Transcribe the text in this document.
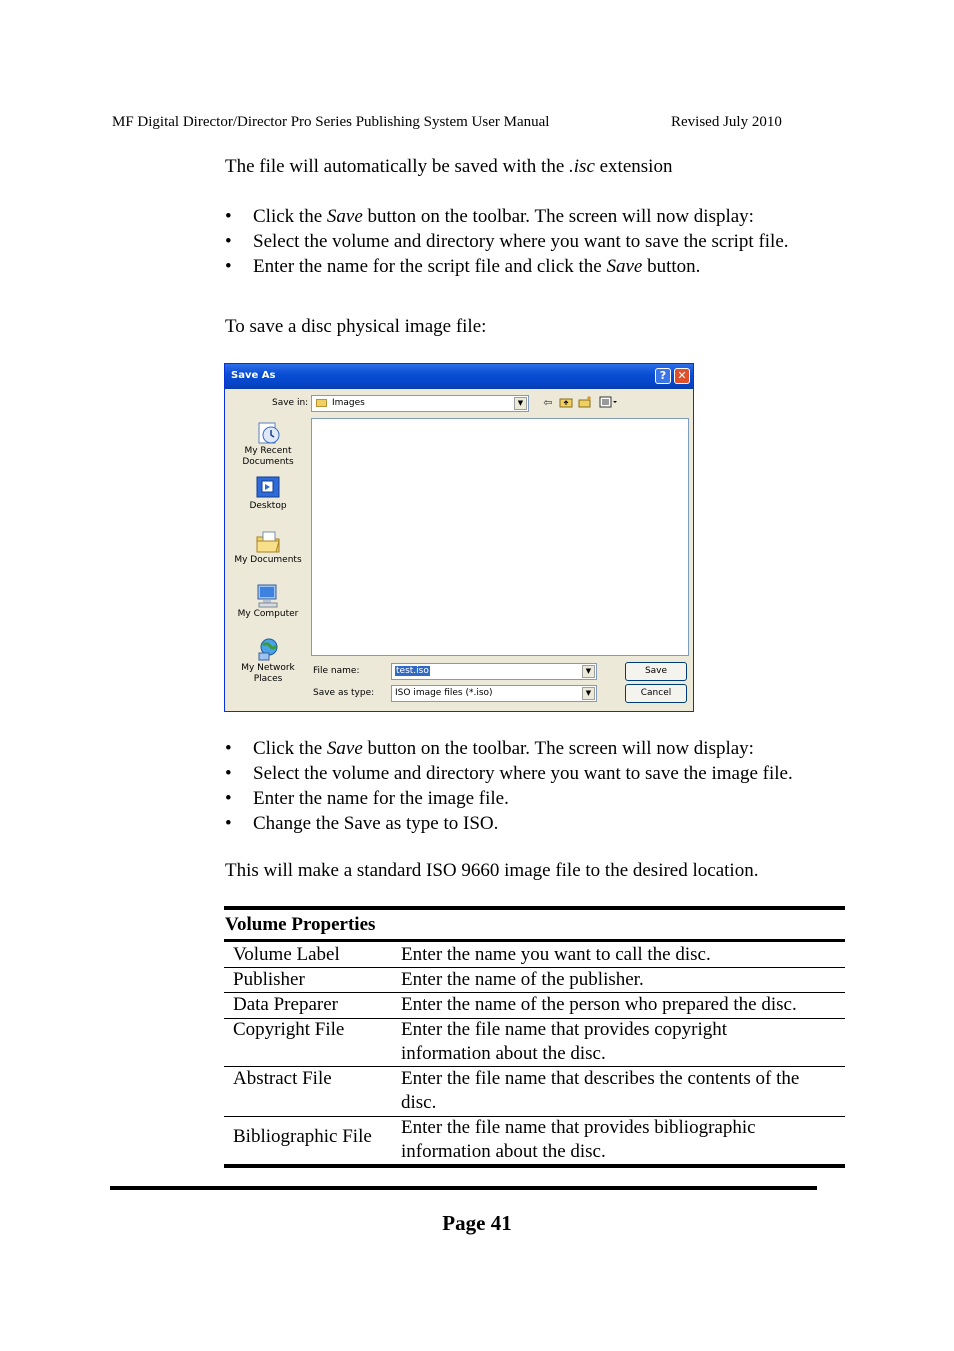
MF Digital Director/Director Pro Series Publishing System User Manual	Revised July 2010
The file will automatically be saved with the .isc extension
• Click the Save button on the toolbar. The screen will now display:
• Select the volume and directory where you want to save the script file.
• Enter the name for the script file and click the Save button.
To save a disc physical image file:
Save As	?	✕
Save in:	Images	▼	⇦
My Recent
Documents
Desktop
My Documents
My Computer
My Network
Places
File name:	test.iso	▼	Save
Save as type: ISO image files (*.iso)	▼	Cancel
• Click the Save button on the toolbar. The screen will now display:
• Select the volume and directory where you want to save the image file.
• Enter the name for the image file.
• Change the Save as type to ISO.
This will make a standard ISO 9660 image file to the desired location.
Volume Properties
Volume Label	Enter the name you want to call the disc.
Publisher	Enter the name of the publisher.
Data Preparer	Enter the name of the person who prepared the disc.
Copyright File	Enter the file name that provides copyright
information about the disc.
Abstract File	Enter the file name that describes the contents of the
disc.
Bibliographic File Enter the file name that provides bibliographic
information about the disc.
Page 41
